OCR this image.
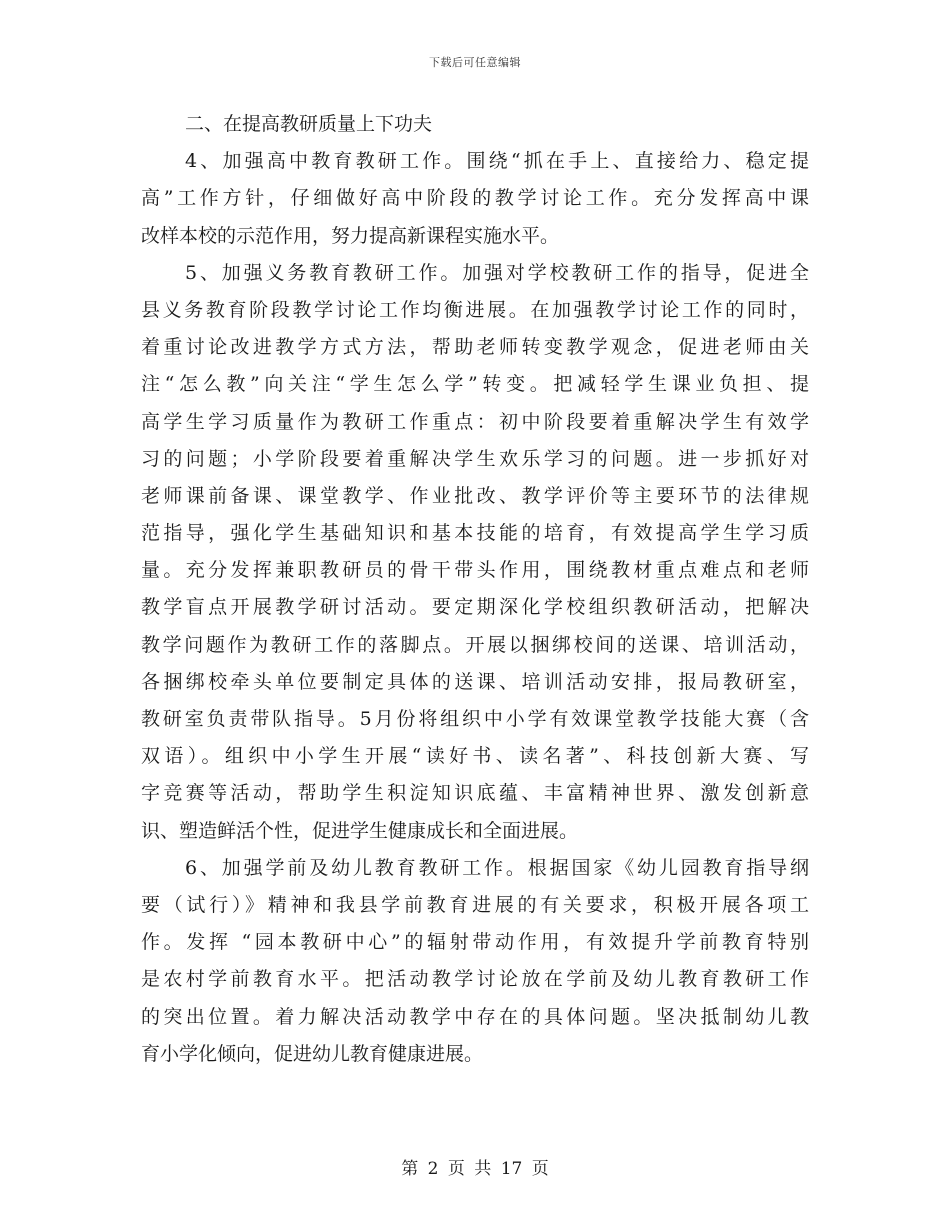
下载后可任意编辑
二、在提高教研质量上下功夫
4、加强高中教育教研工作。围绕“抓在手上、直接给力、稳定提
高”工作方针，仔细做好高中阶段的教学讨论工作。充分发挥高中课
改样本校的示范作用，努力提高新课程实施水平。
5、加强义务教育教研工作。加强对学校教研工作的指导，促进全
县义务教育阶段教学讨论工作均衡进展。在加强教学讨论工作的同时，
着重讨论改进教学方式方法，帮助老师转变教学观念，促进老师由关
注“怎么教”向关注“学生怎么学”转变。把减轻学生课业负担、提
高学生学习质量作为教研工作重点：初中阶段要着重解决学生有效学
习的问题；小学阶段要着重解决学生欢乐学习的问题。进一步抓好对
老师课前备课、课堂教学、作业批改、教学评价等主要环节的法律规
范指导，强化学生基础知识和基本技能的培育，有效提高学生学习质
量。充分发挥兼职教研员的骨干带头作用，围绕教材重点难点和老师
教学盲点开展教学研讨活动。要定期深化学校组织教研活动，把解决
教学问题作为教研工作的落脚点。开展以捆绑校间的送课、培训活动，
各捆绑校牵头单位要制定具体的送课、培训活动安排，报局教研室，
教研室负责带队指导。5月份将组织中小学有效课堂教学技能大赛（含
双语）。组织中小学生开展“读好书、读名著”、科技创新大赛、写
字竞赛等活动，帮助学生积淀知识底蕴、丰富精神世界、激发创新意
识、塑造鲜活个性，促进学生健康成长和全面进展。
6、加强学前及幼儿教育教研工作。根据国家《幼儿园教育指导纲
要（试行）》精神和我县学前教育进展的有关要求，积极开展各项工
作。发挥 “园本教研中心”的辐射带动作用，有效提升学前教育特别
是农村学前教育水平。把活动教学讨论放在学前及幼儿教育教研工作
的突出位置。着力解决活动教学中存在的具体问题。坚决抵制幼儿教
育小学化倾向，促进幼儿教育健康进展。
第 2 页 共 17 页
